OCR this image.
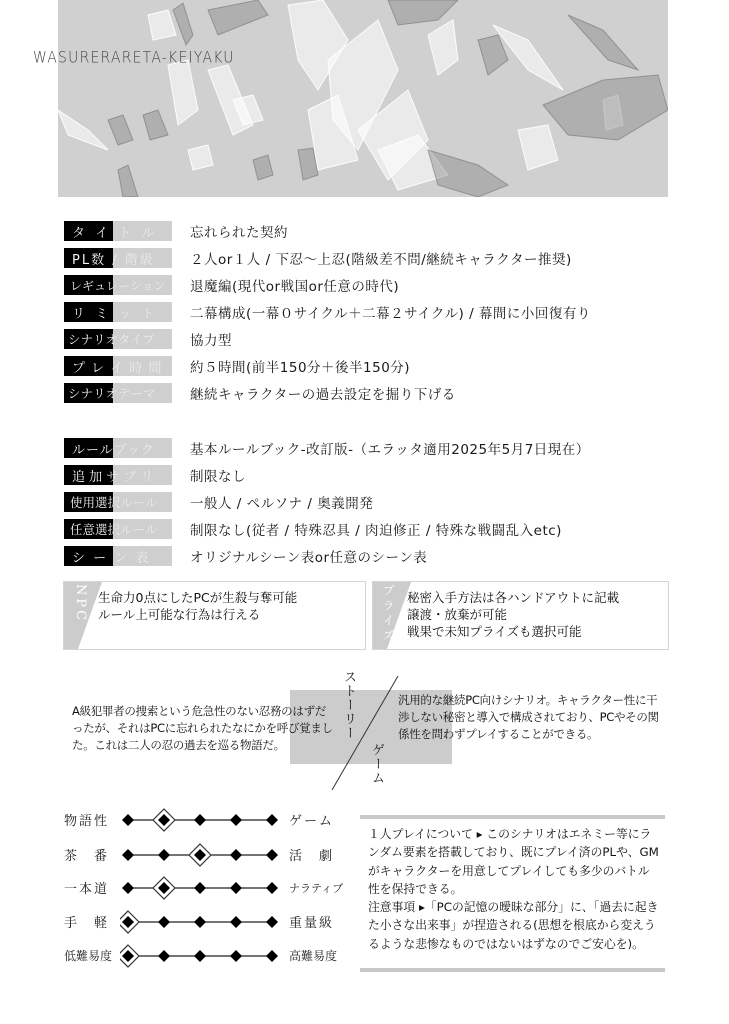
WASURERARETA-KEIYAKU
タ イ ト ル	忘れられた契約
PL数 / 階級	２人or１人 / 下忍～上忍(階級差不問/継続キャラクター推奨)
レギュレーション	退魔編(現代or戦国or任意の時代)
リ ミ ッ ト	二幕構成(一幕０サイクル＋二幕２サイクル) / 幕間に小回復有り
シナリオタイプ	協力型
プ レ イ 時 間	約５時間(前半150分＋後半150分)
シナリオテーマ	継続キャラクターの過去設定を掘り下げる
ルールブック	基本ルールブック-改訂版-（エラッタ適用2025年5月7日現在）
追 加 サ プ リ	制限なし
使用選択ルール	一般人 / ペルソナ / 奥義開発
任意選択ルール	制限なし(従者 / 特殊忍具 / 肉迫修正 / 特殊な戦闘乱入etc)
シ ー ン 表	オリジナルシーン表or任意のシーン表
NPC 生命力0点にしたPCが生殺与奪可能
ルール上可能な行為は行える	プライズ 秘密入手方法は各ハンドアウトに記載
譲渡・放棄が可能
戦果で未知プライズも選択可能
ストーリー
ゲーム
A級犯罪者の捜索という危急性のない忍務のはずだ
ったが、それはPCに忘れられたなにかを呼び覚まし
た。これは二人の忍の過去を巡る物語だ。
汎用的な継続PC向けシナリオ。キャラクター性に干
渉しない秘密と導入で構成されており、PCやその関
係性を問わずプレイすることができる。
物語性	ゲーム
茶　番	活　劇
一本道	ナラティブ
手　軽	重量級
低難易度	高難易度

１人プレイについて ▸ このシナリオはエネミー等にラ
ンダム要素を搭載しており、既にプレイ済のPLや、GM
がキャラクターを用意してプレイしても多少のバトル
性を保持できる。
注意事項 ▸「PCの記憶の曖昧な部分」に、「過去に起き
た小さな出来事」が捏造される(思想を根底から変えう
るような悲惨なものではないはずなのでご安心を)。
